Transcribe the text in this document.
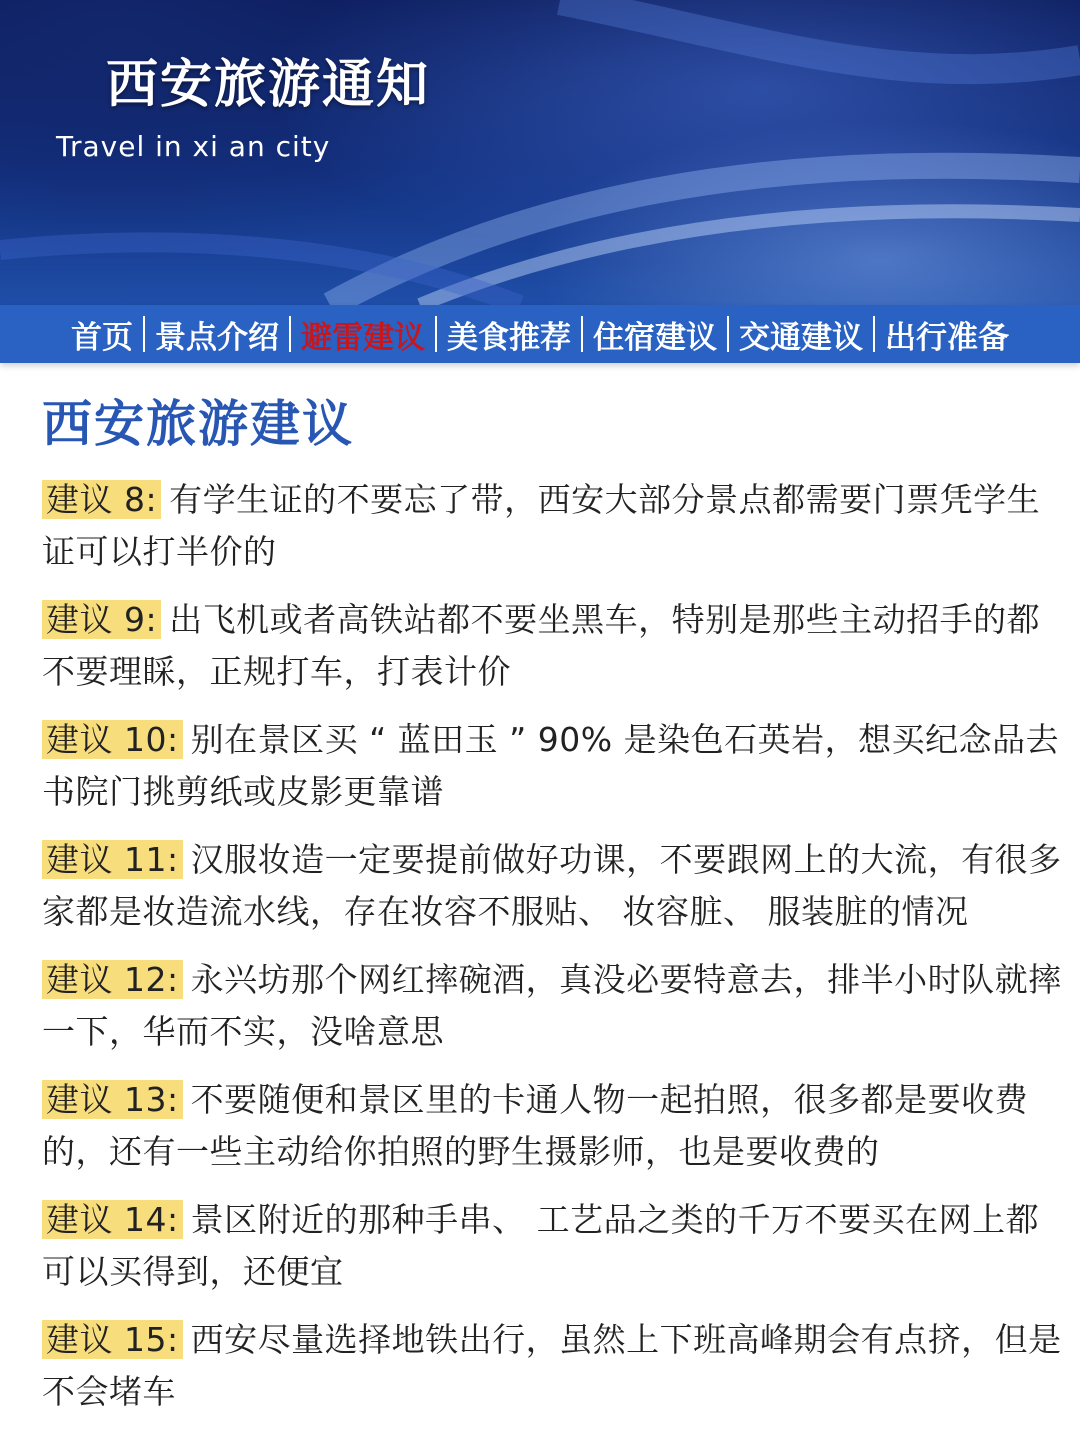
西安旅游通知
Travel in xi an city
首页 景点介绍 避雷建议 美食推荐 住宿建议 交通建议 出行准备
西安旅游建议

建议 8: 有学生证的不要忘了带，西安大部分景点都需要门票凭学生证可以打半价的

建议 9: 出飞机或者高铁站都不要坐黑车，特别是那些主动招手的都不要理睬，正规打车，打表计价

建议 10: 别在景区买 “ 蓝田玉 ” 90% 是染色石英岩，想买纪念品去书院门挑剪纸或皮影更靠谱

建议 11: 汉服妆造一定要提前做好功课，不要跟网上的大流，有很多家都是妆造流水线，存在妆容不服贴、 妆容脏、 服装脏的情况

建议 12: 永兴坊那个网红摔碗酒，真没必要特意去，排半小时队就摔一下，华而不实，没啥意思

建议 13: 不要随便和景区里的卡通人物一起拍照，很多都是要收费的，还有一些主动给你拍照的野生摄影师，也是要收费的

建议 14: 景区附近的那种手串、 工艺品之类的千万不要买在网上都可以买得到，还便宜

建议 15: 西安尽量选择地铁出行，虽然上下班高峰期会有点挤，但是不会堵车
